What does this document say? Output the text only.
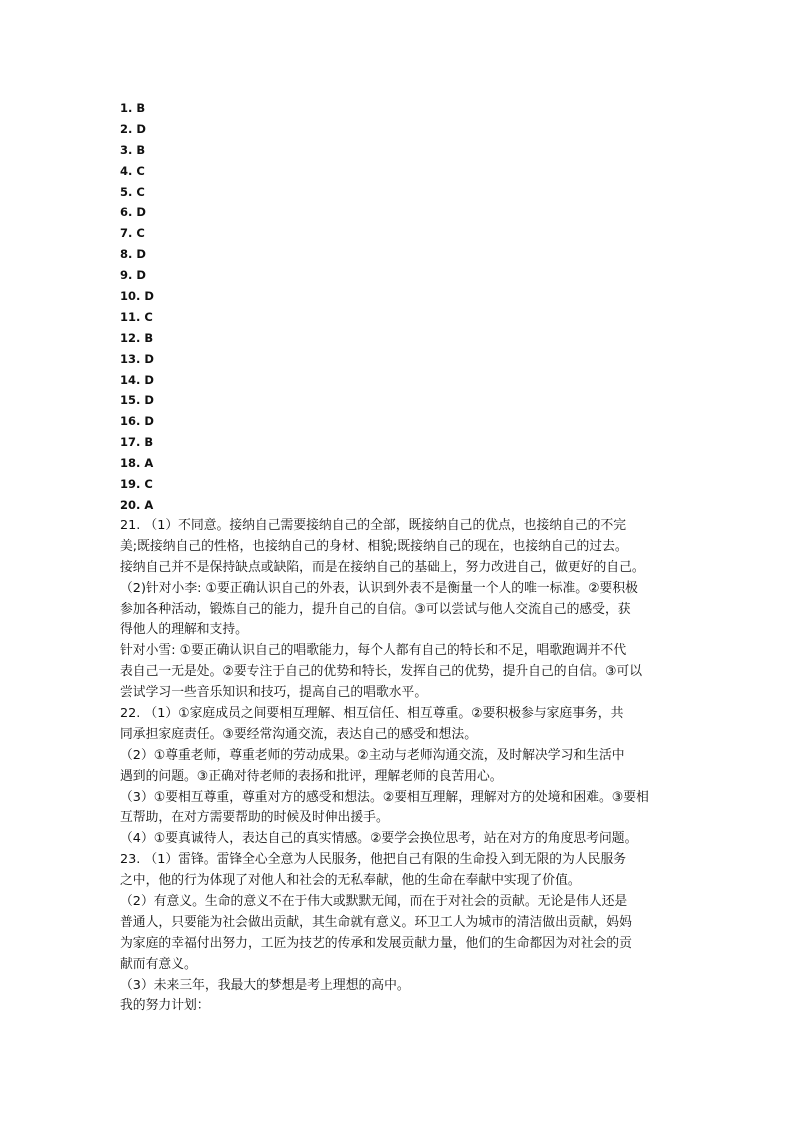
1. B
2. D
3. B
4. C
5. C
6. D
7. C
8. D
9. D
10. D
11. C
12. B
13. D
14. D
15. D
16. D
17. B
18. A
19. C
20. A
21. （1）不同意。接纳自己需要接纳自己的全部，既接纳自己的优点，也接纳自己的不完
美;既接纳自己的性格，也接纳自己的身材、相貌;既接纳自己的现在，也接纳自己的过去。
接纳自己并不是保持缺点或缺陷，而是在接纳自己的基础上，努力改进自己，做更好的自己。
（2)针对小李: ①要正确认识自己的外表，认识到外表不是衡量一个人的唯一标准。②要积极
参加各种活动，锻炼自己的能力，提升自己的自信。③可以尝试与他人交流自己的感受，获
得他人的理解和支持。
针对小雪: ①要正确认识自己的唱歌能力，每个人都有自己的特长和不足，唱歌跑调并不代
表自己一无是处。②要专注于自己的优势和特长，发挥自己的优势，提升自己的自信。③可以
尝试学习一些音乐知识和技巧，提高自己的唱歌水平。
22. （1）①家庭成员之间要相互理解、相互信任、相互尊重。②要积极参与家庭事务，共
同承担家庭责任。③要经常沟通交流，表达自己的感受和想法。
（2）①尊重老师，尊重老师的劳动成果。②主动与老师沟通交流，及时解决学习和生活中
遇到的问题。③正确对待老师的表扬和批评，理解老师的良苦用心。
（3）①要相互尊重，尊重对方的感受和想法。②要相互理解，理解对方的处境和困难。③要相
互帮助，在对方需要帮助的时候及时伸出援手。
（4）①要真诚待人，表达自己的真实情感。②要学会换位思考，站在对方的角度思考问题。
23. （1）雷锋。雷锋全心全意为人民服务，他把自己有限的生命投入到无限的为人民服务
之中，他的行为体现了对他人和社会的无私奉献，他的生命在奉献中实现了价值。
（2）有意义。生命的意义不在于伟大或默默无闻，而在于对社会的贡献。无论是伟人还是
普通人，只要能为社会做出贡献，其生命就有意义。环卫工人为城市的清洁做出贡献，妈妈
为家庭的幸福付出努力，工匠为技艺的传承和发展贡献力量，他们的生命都因为对社会的贡
献而有意义。
（3）未来三年，我最大的梦想是考上理想的高中。
我的努力计划：
